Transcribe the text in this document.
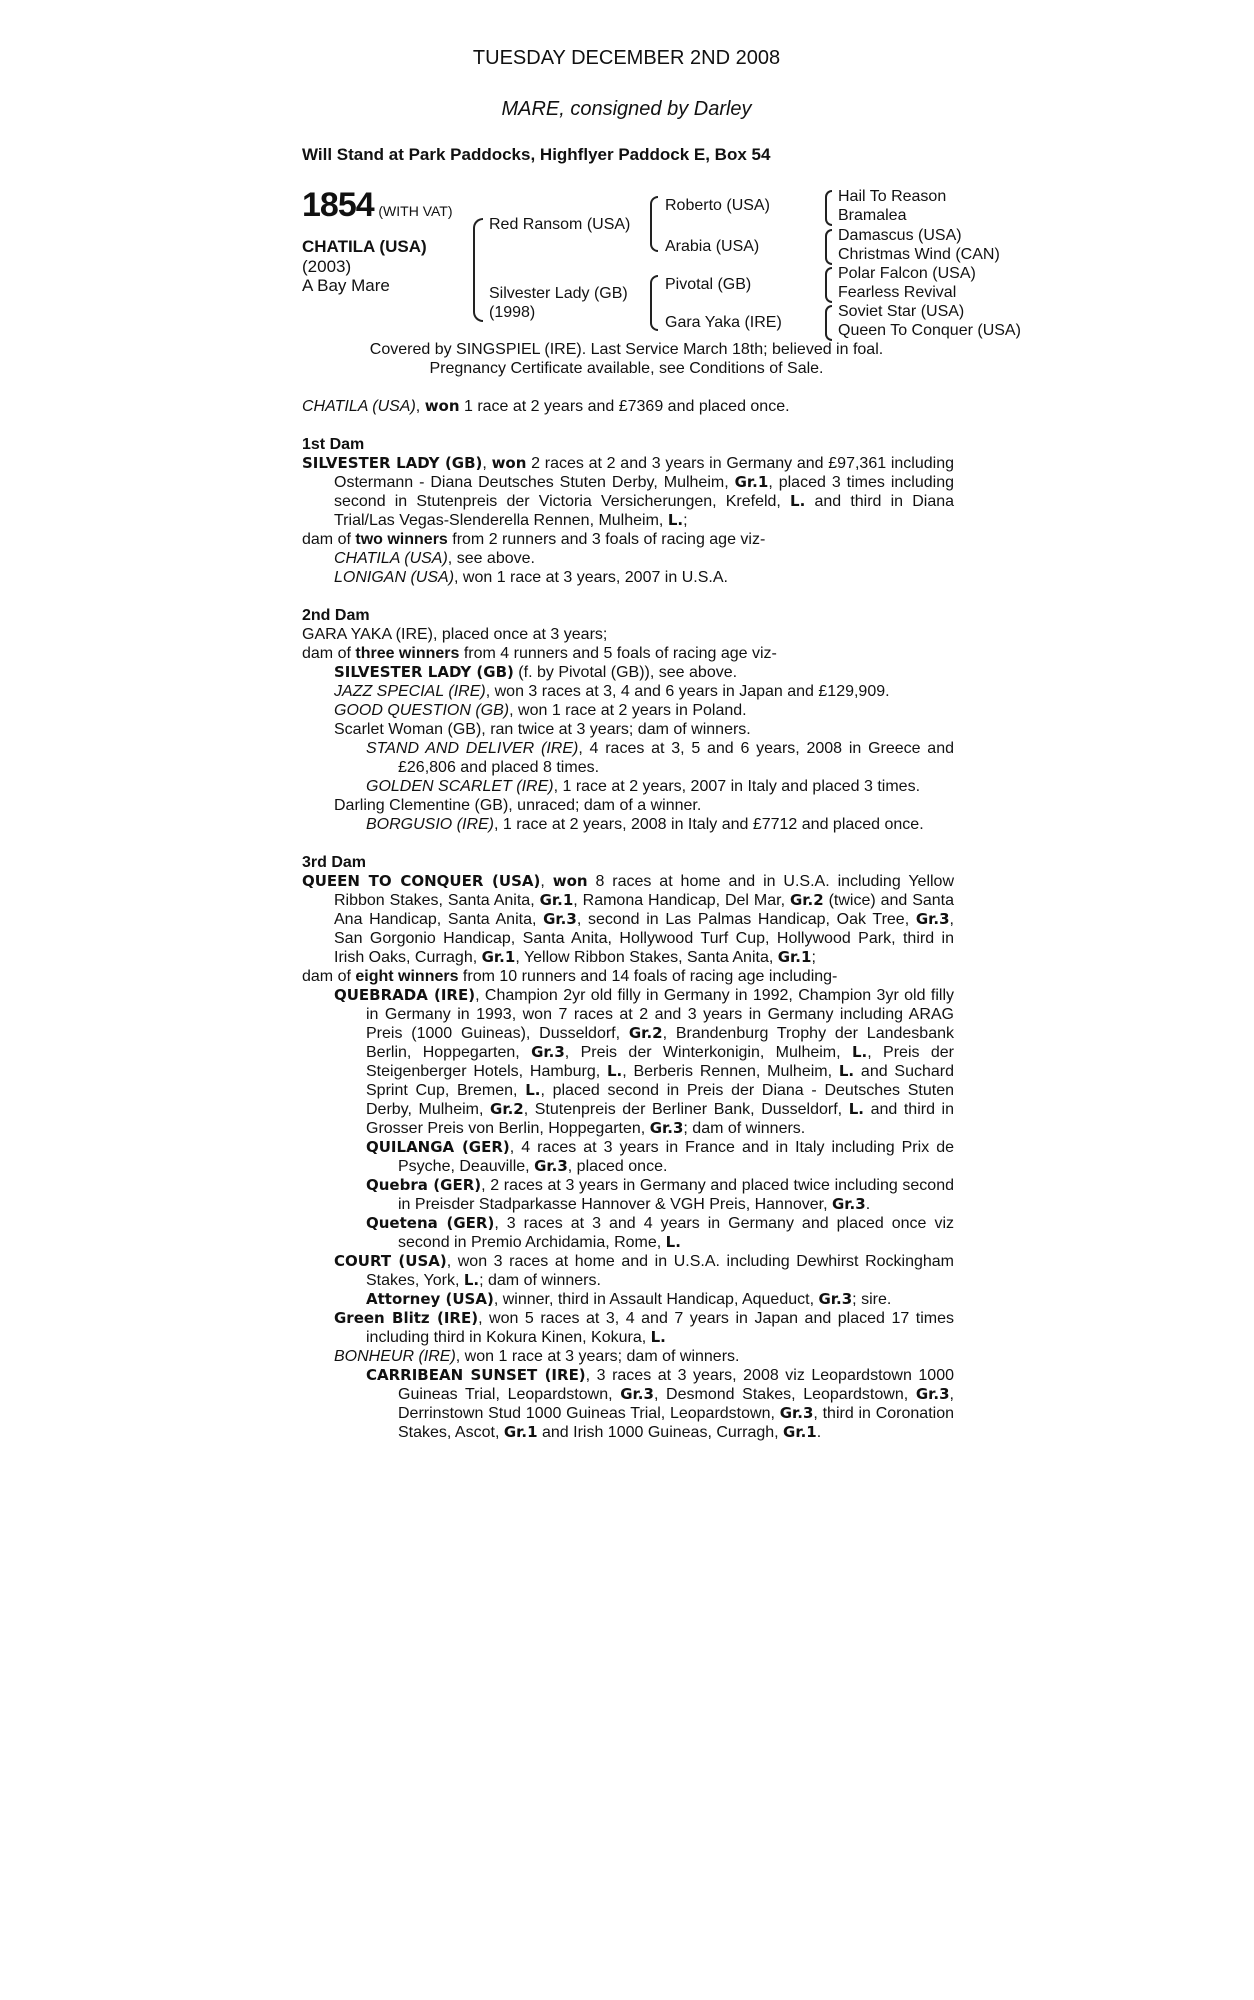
TUESDAY DECEMBER 2ND 2008
MARE, consigned by Darley
Will Stand at Park Paddocks, Highflyer Paddock E, Box 54
1854 (WITH VAT)
CHATILA (USA)
(2003)
A Bay Mare
Red Ransom (USA)
Silvester Lady (GB)
(1998)
Roberto (USA)
Arabia (USA)
Pivotal (GB)
Gara Yaka (IRE)
Hail To Reason
Bramalea
Damascus (USA)
Christmas Wind (CAN)
Polar Falcon (USA)
Fearless Revival
Soviet Star (USA)
Queen To Conquer (USA)
Covered by SINGSPIEL (IRE). Last Service March 18th; believed in foal.
Pregnancy Certificate available, see Conditions of Sale.

CHATILA (USA), won 1 race at 2 years and £7369 and placed once.

1st Dam

SILVESTER LADY (GB), won 2 races at 2 and 3 years in Germany and £97,361 including Ostermann - Diana Deutsches Stuten Derby, Mulheim, Gr.1, placed 3 times including second in Stutenpreis der Victoria Versicherungen, Krefeld, L. and third in Diana Trial/Las Vegas-Slenderella Rennen, Mulheim, L.;

dam of two winners from 2 runners and 3 foals of racing age viz-

CHATILA (USA), see above.

LONIGAN (USA), won 1 race at 3 years, 2007 in U.S.A.

2nd Dam

GARA YAKA (IRE), placed once at 3 years;

dam of three winners from 4 runners and 5 foals of racing age viz-

SILVESTER LADY (GB) (f. by Pivotal (GB)), see above.

JAZZ SPECIAL (IRE), won 3 races at 3, 4 and 6 years in Japan and £129,909.

GOOD QUESTION (GB), won 1 race at 2 years in Poland.

Scarlet Woman (GB), ran twice at 3 years; dam of winners.

STAND AND DELIVER (IRE), 4 races at 3, 5 and 6 years, 2008 in Greece and £26,806 and placed 8 times.

GOLDEN SCARLET (IRE), 1 race at 2 years, 2007 in Italy and placed 3 times.

Darling Clementine (GB), unraced; dam of a winner.

BORGUSIO (IRE), 1 race at 2 years, 2008 in Italy and £7712 and placed once.

3rd Dam

QUEEN TO CONQUER (USA), won 8 races at home and in U.S.A. including Yellow Ribbon Stakes, Santa Anita, Gr.1, Ramona Handicap, Del Mar, Gr.2 (twice) and Santa Ana Handicap, Santa Anita, Gr.3, second in Las Palmas Handicap, Oak Tree, Gr.3, San Gorgonio Handicap, Santa Anita, Hollywood Turf Cup, Hollywood Park, third in Irish Oaks, Curragh, Gr.1, Yellow Ribbon Stakes, Santa Anita, Gr.1;

dam of eight winners from 10 runners and 14 foals of racing age including-

QUEBRADA (IRE), Champion 2yr old filly in Germany in 1992, Champion 3yr old filly in Germany in 1993, won 7 races at 2 and 3 years in Germany including ARAG Preis (1000 Guineas), Dusseldorf, Gr.2, Brandenburg Trophy der Landesbank Berlin, Hoppegarten, Gr.3, Preis der Winterkonigin, Mulheim, L., Preis der Steigenberger Hotels, Hamburg, L., Berberis Rennen, Mulheim, L. and Suchard Sprint Cup, Bremen, L., placed second in Preis der Diana - Deutsches Stuten Derby, Mulheim, Gr.2, Stutenpreis der Berliner Bank, Dusseldorf, L. and third in Grosser Preis von Berlin, Hoppegarten, Gr.3; dam of winners.

QUILANGA (GER), 4 races at 3 years in France and in Italy including Prix de Psyche, Deauville, Gr.3, placed once.

Quebra (GER), 2 races at 3 years in Germany and placed twice including second in Preisder Stadparkasse Hannover & VGH Preis, Hannover, Gr.3.

Quetena (GER), 3 races at 3 and 4 years in Germany and placed once viz second in Premio Archidamia, Rome, L.

COURT (USA), won 3 races at home and in U.S.A. including Dewhirst Rockingham Stakes, York, L.; dam of winners.

Attorney (USA), winner, third in Assault Handicap, Aqueduct, Gr.3; sire.

Green Blitz (IRE), won 5 races at 3, 4 and 7 years in Japan and placed 17 times including third in Kokura Kinen, Kokura, L.

BONHEUR (IRE), won 1 race at 3 years; dam of winners.

CARRIBEAN SUNSET (IRE), 3 races at 3 years, 2008 viz Leopardstown 1000 Guineas Trial, Leopardstown, Gr.3, Desmond Stakes, Leopardstown, Gr.3, Derrinstown Stud 1000 Guineas Trial, Leopardstown, Gr.3, third in Coronation Stakes, Ascot, Gr.1 and Irish 1000 Guineas, Curragh, Gr.1.
